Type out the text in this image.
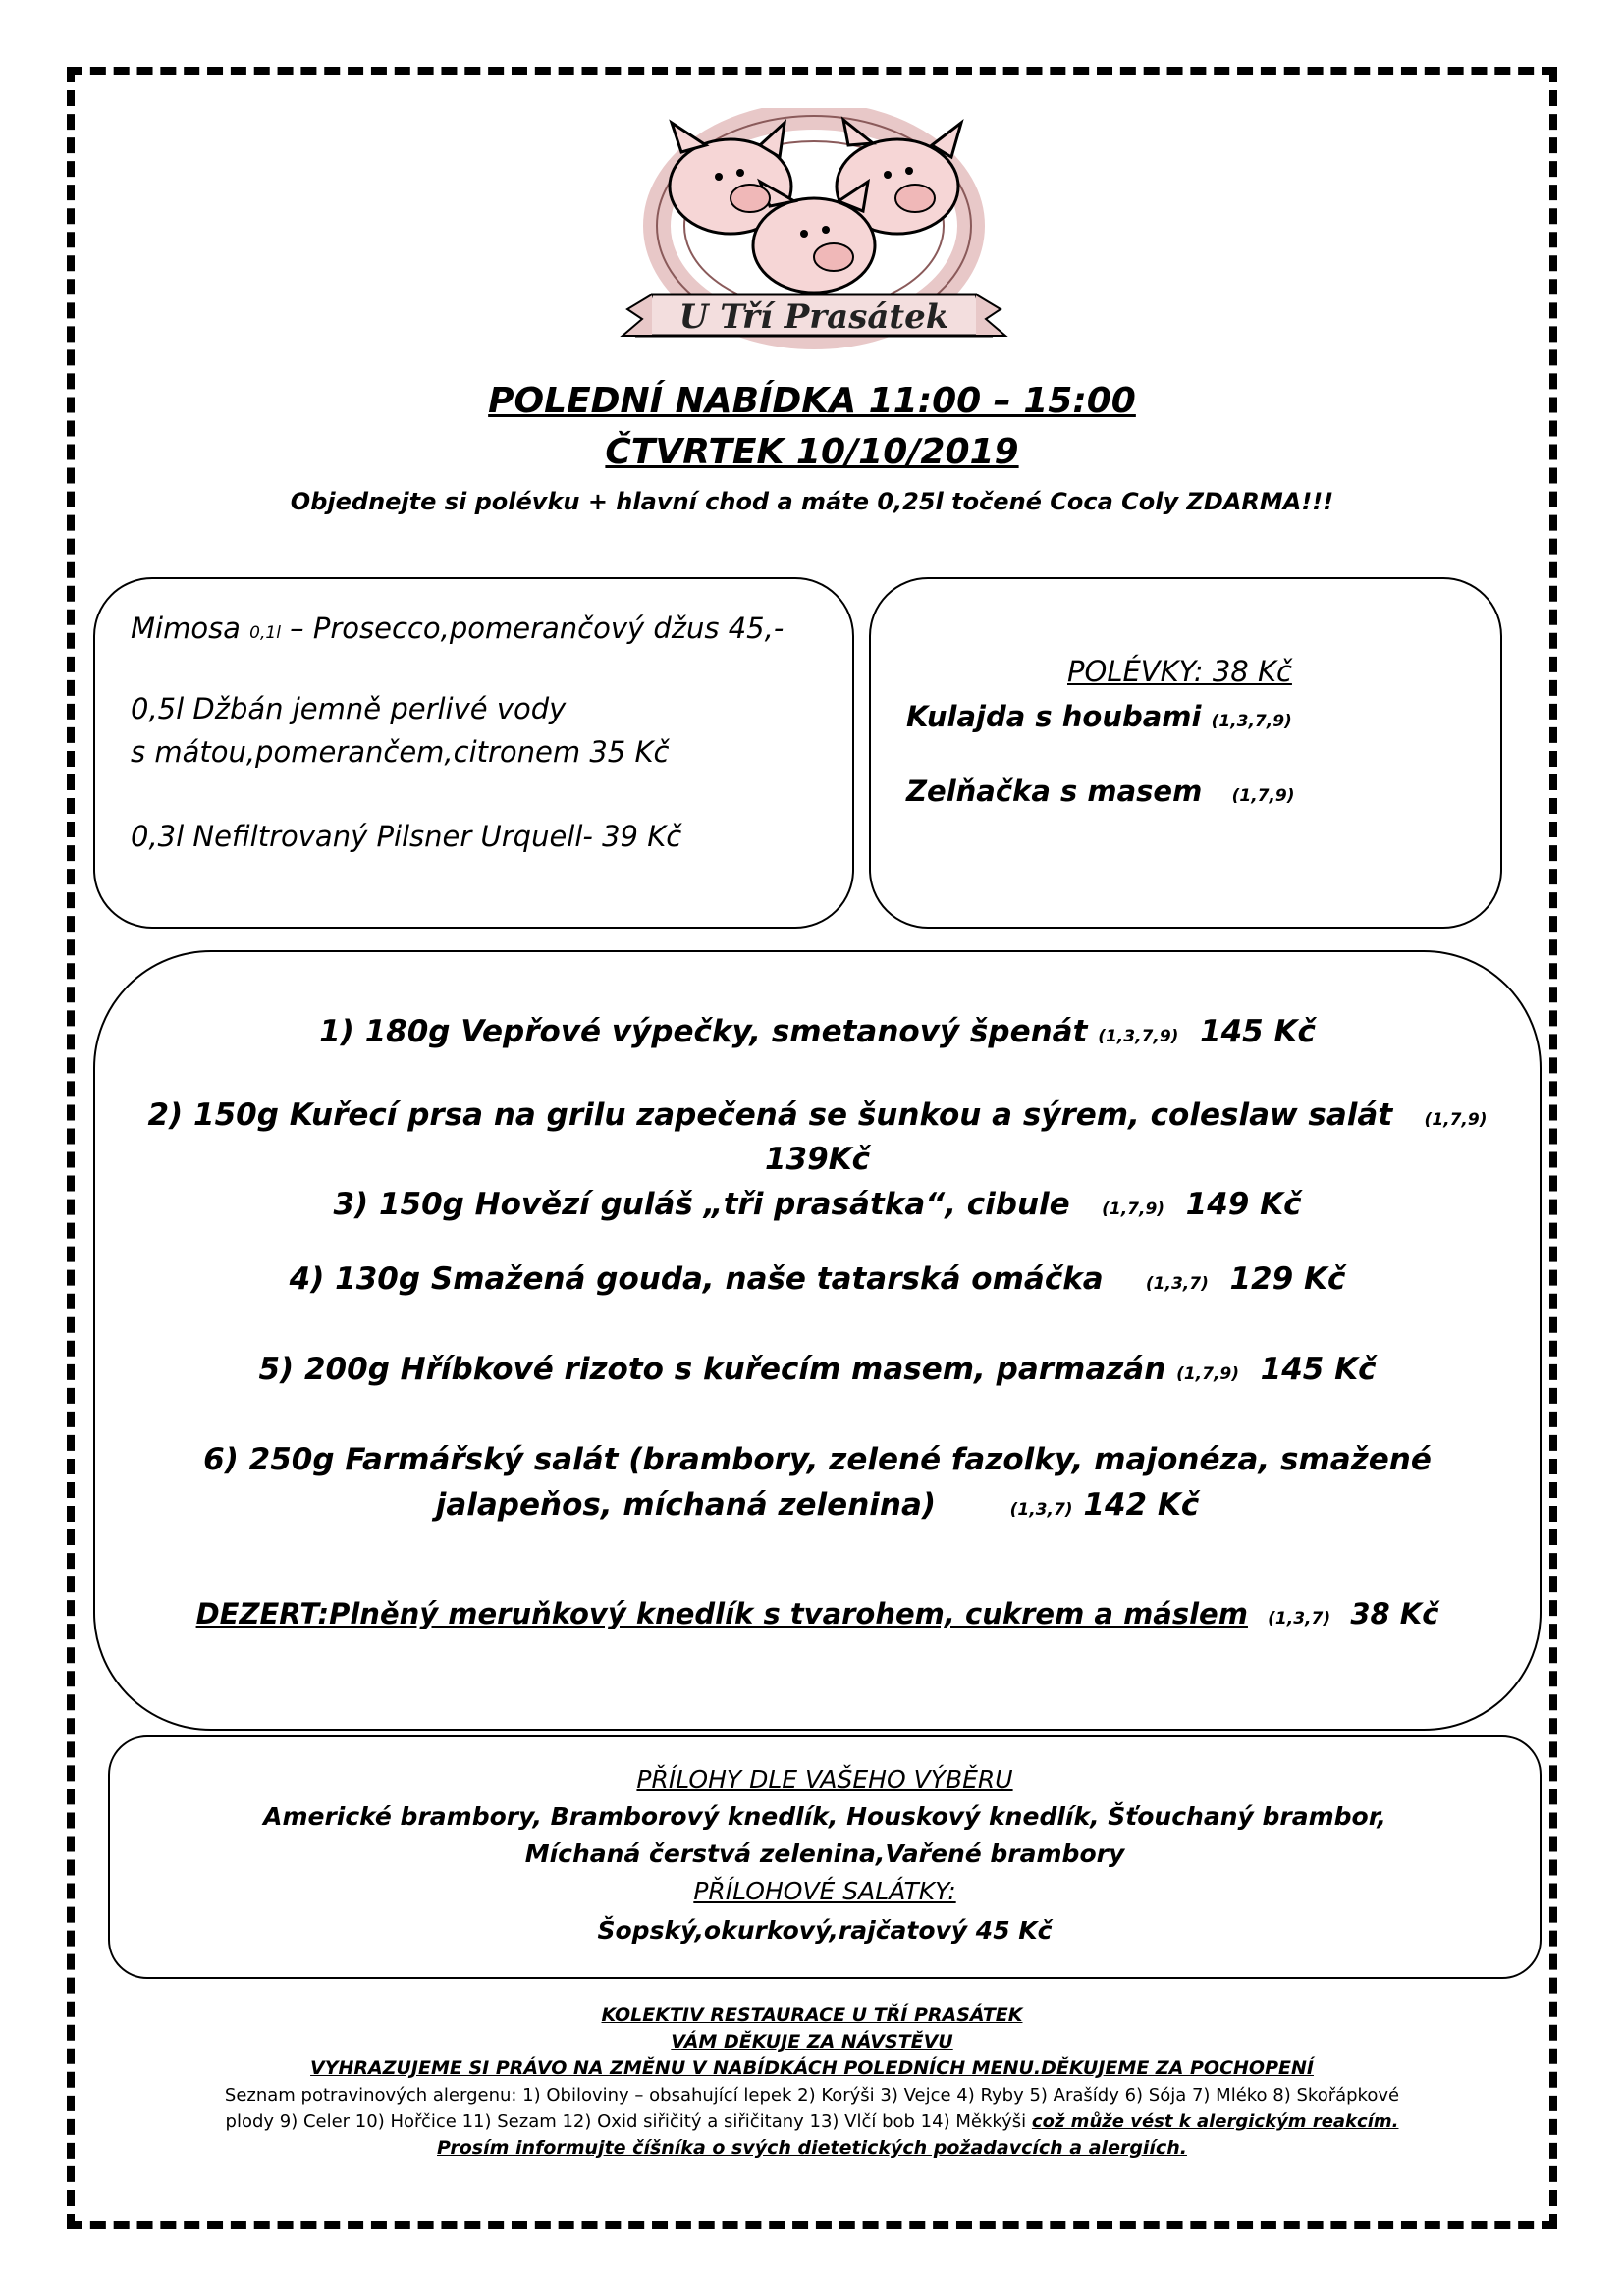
U Tří Prasátek
POLEDNÍ NABÍDKA 11:00 – 15:00
ČTVRTEK 10/10/2019
Objednejte si polévku + hlavní chod a máte 0,25l točené Coca Coly ZDARMA!!!
Mimosa 0,1l – Prosecco,pomerančový džus 45,-
0,5l Džbán jemně perlivé vody
s mátou,pomerančem,citronem 35 Kč
0,3l Nefiltrovaný Pilsner Urquell- 39 Kč
POLÉVKY: 38 Kč
Kulajda s houbami (1,3,7,9)
Zelňačka s masem (1,7,9)
1) 180g Vepřové výpečky, smetanový špenát (1,3,7,9) 145 Kč
2) 150g Kuřecí prsa na grilu zapečená se šunkou a sýrem, coleslaw salát (1,7,9)
139Kč
3) 150g Hovězí guláš „tři prasátka“, cibule (1,7,9) 149 Kč
4) 130g Smažená gouda, naše tatarská omáčka	(1,3,7) 129 Kč
5) 200g Hříbkové rizoto s kuřecím masem, parmazán (1,7,9) 145 Kč
6) 250g Farmářský salát (brambory, zelené fazolky, majonéza, smažené
jalapeňos, míchaná zelenina)	(1,3,7) 142 Kč
DEZERT:Plněný meruňkový knedlík s tvarohem, cukrem a máslem (1,3,7) 38 Kč
PŘÍLOHY DLE VAŠEHO VÝBĚRU
Americké brambory, Bramborový knedlík, Houskový knedlík, Šťouchaný brambor,
Míchaná čerstvá zelenina,Vařené brambory
PŘÍLOHOVÉ SALÁTKY:
Šopský,okurkový,rajčatový 45 Kč
KOLEKTIV RESTAURACE U TŘÍ PRASÁTEK
VÁM DĚKUJE ZA NÁVSTĚVU
VYHRAZUJEME SI PRÁVO NA ZMĚNU V NABÍDKÁCH POLEDNÍCH MENU.DĚKUJEME ZA POCHOPENÍ
Seznam potravinových alergenu: 1) Obiloviny – obsahující lepek 2) Korýši 3) Vejce 4) Ryby 5) Arašídy 6) Sója 7) Mléko 8) Skořápkové
plody 9) Celer 10) Hořčice 11) Sezam 12) Oxid siřičitý a siřičitany 13) Vlčí bob 14) Měkkýši což může vést k alergickým reakcím.
Prosím informujte číšníka o svých dietetických požadavcích a alergiích.
